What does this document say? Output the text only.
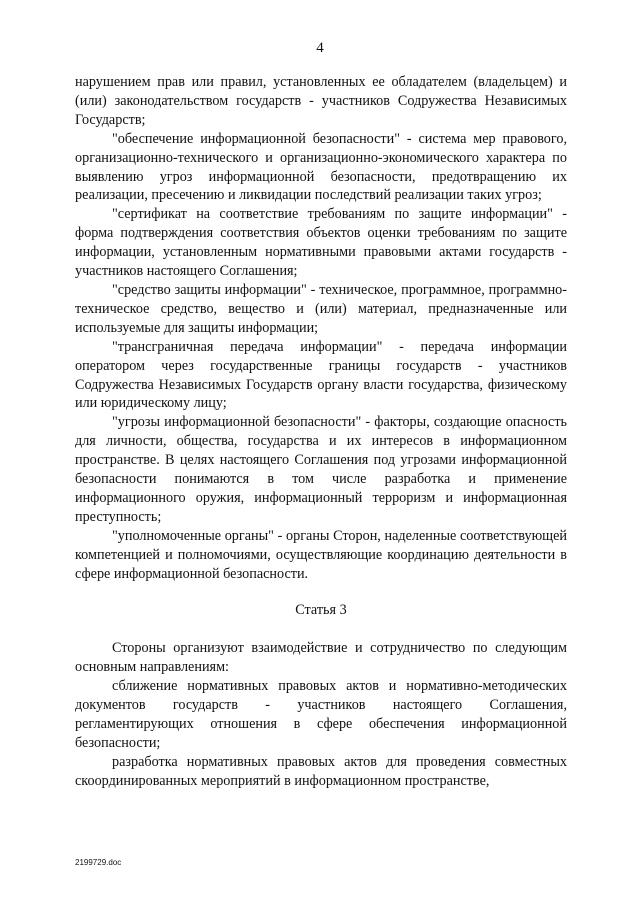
4

нарушением прав или правил, установленных ее обладателем (владельцем) и (или) законодательством государств - участников Содружества Независимых Государств;

"обеспечение информационной безопасности" - система мер правового, организационно-технического и организационно-экономического характера по выявлению угроз информационной безопасности, предотвращению их реализации, пресечению и ликвидации последствий реализации таких угроз;

"сертификат на соответствие требованиям по защите информации" - форма подтверждения соответствия объектов оценки требованиям по защите информации, установленным нормативными правовыми актами государств - участников настоящего Соглашения;

"средство защиты информации" - техническое, программное, программно-техническое средство, вещество и (или) материал, предназначенные или используемые для защиты информации;

"трансграничная передача информации" - передача информации оператором через государственные границы государств - участников Содружества Независимых Государств органу власти государства, физическому или юридическому лицу;

"угрозы информационной безопасности" - факторы, создающие опасность для личности, общества, государства и их интересов в информационном пространстве. В целях настоящего Соглашения под угрозами информационной безопасности понимаются в том числе разработка и применение информационного оружия, информационный терроризм и информационная преступность;

"уполномоченные органы" - органы Сторон, наделенные соответствующей компетенцией и полномочиями, осуществляющие координацию деятельности в сфере информационной безопасности.

Статья 3

Стороны организуют взаимодействие и сотрудничество по следующим основным направлениям:

сближение нормативных правовых актов и нормативно-методических документов государств - участников настоящего Соглашения, регламентирующих отношения в сфере обеспечения информационной безопасности;

разработка нормативных правовых актов для проведения совместных скоординированных мероприятий в информационном пространстве,

2199729.doc
